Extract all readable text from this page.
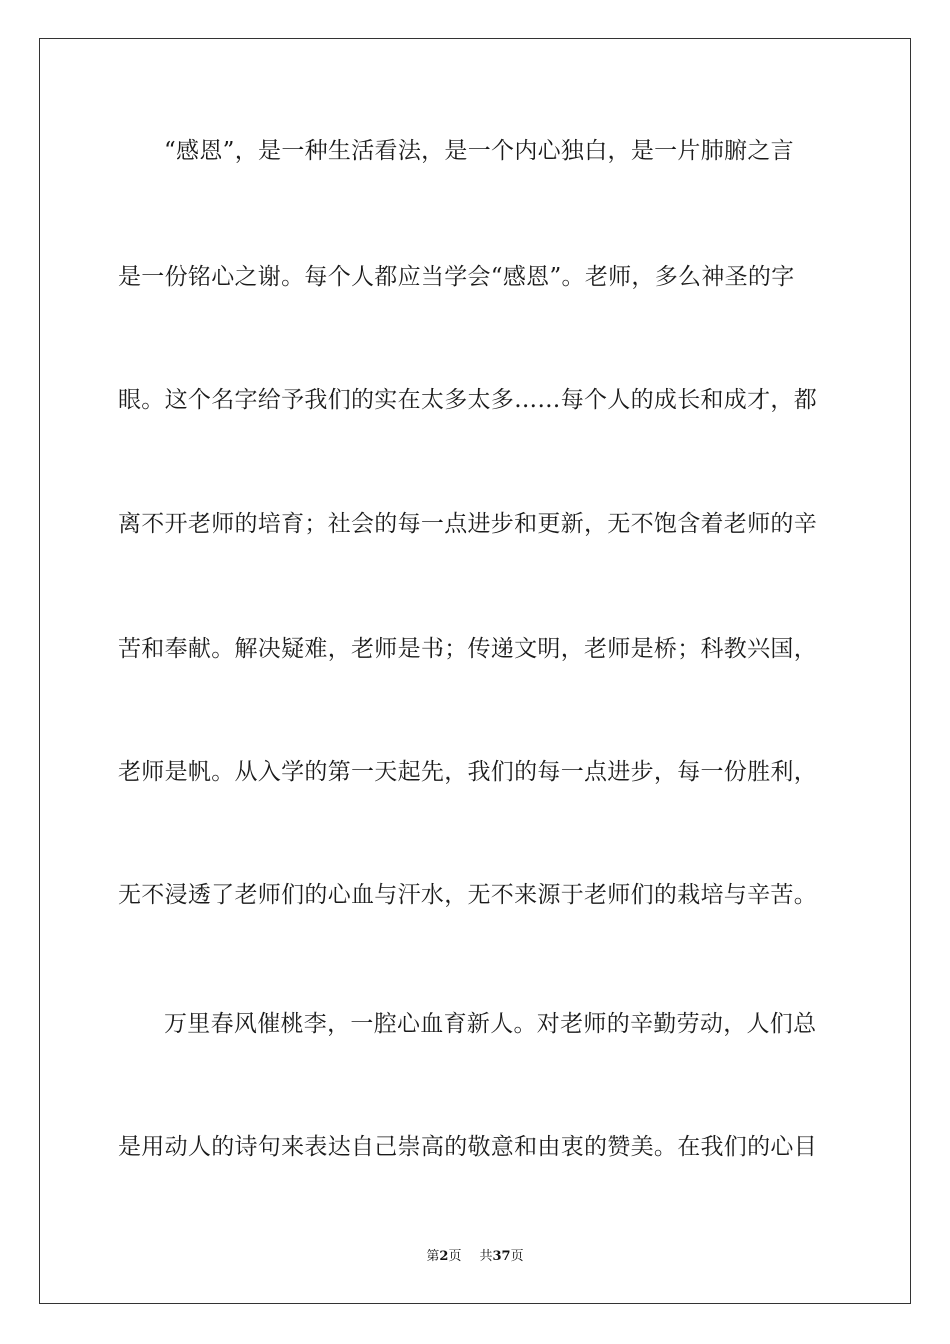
“感恩”，是一种生活看法，是一个内心独白，是一片肺腑之言
是一份铭心之谢。每个人都应当学会“感恩”。老师，多么神圣的字
眼。这个名字给予我们的实在太多太多……每个人的成长和成才，都
离不开老师的培育；社会的每一点进步和更新，无不饱含着老师的辛
苦和奉献。解决疑难，老师是书；传递文明，老师是桥；科教兴国，
老师是帆。从入学的第一天起先，我们的每一点进步，每一份胜利，
无不浸透了老师们的心血与汗水，无不来源于老师们的栽培与辛苦。
万里春风催桃李，一腔心血育新人。对老师的辛勤劳动，人们总
是用动人的诗句来表达自己崇高的敬意和由衷的赞美。在我们的心目
第2页 共37页
